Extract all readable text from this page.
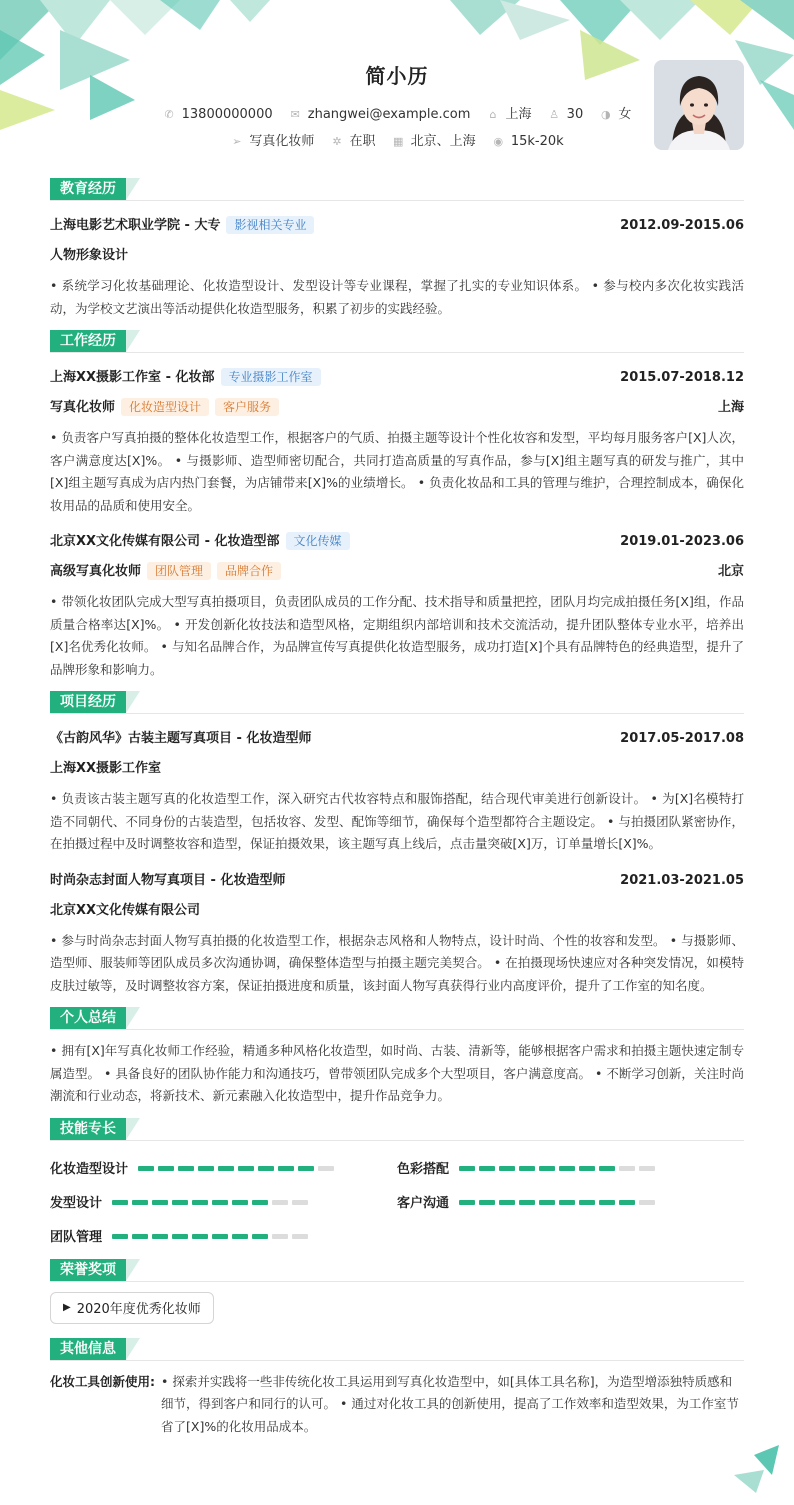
简小历
✆ 13800000000 ✉ zhangwei@example.com ⌂ 上海 ♙ 30 ◑ 女
➢ 写真化妆师 ✲ 在职 ▦ 北京、上海 ◉ 15k-20k
教育经历
上海电影艺术职业学院 - 大专 影视相关专业	2012.09-2015.06
人物形象设计
• 系统学习化妆基础理论、化妆造型设计、发型设计等专业课程，掌握了扎实的专业知识体系。 • 参与校内多次化妆实践活动，为学校文艺演出等活动提供化妆造型服务，积累了初步的实践经验。
工作经历
上海XX摄影工作室 - 化妆部 专业摄影工作室	2015.07-2018.12
写真化妆师 化妆造型设计 客户服务	上海
• 负责客户写真拍摄的整体化妆造型工作，根据客户的气质、拍摄主题等设计个性化妆容和发型，平均每月服务客户[X]人次，客户满意度达[X]%。 • 与摄影师、造型师密切配合，共同打造高质量的写真作品，参与[X]组主题写真的研发与推广，其中[X]组主题写真成为店内热门套餐，为店铺带来[X]%的业绩增长。 • 负责化妆品和工具的管理与维护，合理控制成本，确保化妆用品的品质和使用安全。
北京XX文化传媒有限公司 - 化妆造型部 文化传媒	2019.01-2023.06
高级写真化妆师 团队管理 品牌合作	北京
• 带领化妆团队完成大型写真拍摄项目，负责团队成员的工作分配、技术指导和质量把控，团队月均完成拍摄任务[X]组，作品质量合格率达[X]%。 • 开发创新化妆技法和造型风格，定期组织内部培训和技术交流活动，提升团队整体专业水平，培养出[X]名优秀化妆师。 • 与知名品牌合作，为品牌宣传写真提供化妆造型服务，成功打造[X]个具有品牌特色的经典造型，提升了品牌形象和影响力。
项目经历
《古韵风华》古装主题写真项目 - 化妆造型师	2017.05-2017.08
上海XX摄影工作室
• 负责该古装主题写真的化妆造型工作，深入研究古代妆容特点和服饰搭配，结合现代审美进行创新设计。 • 为[X]名模特打造不同朝代、不同身份的古装造型，包括妆容、发型、配饰等细节，确保每个造型都符合主题设定。 • 与拍摄团队紧密协作，在拍摄过程中及时调整妆容和造型，保证拍摄效果，该主题写真上线后，点击量突破[X]万，订单量增长[X]%。
时尚杂志封面人物写真项目 - 化妆造型师	2021.03-2021.05
北京XX文化传媒有限公司
• 参与时尚杂志封面人物写真拍摄的化妆造型工作，根据杂志风格和人物特点，设计时尚、个性的妆容和发型。 • 与摄影师、造型师、服装师等团队成员多次沟通协调，确保整体造型与拍摄主题完美契合。 • 在拍摄现场快速应对各种突发情况，如模特皮肤过敏等，及时调整妆容方案，保证拍摄进度和质量，该封面人物写真获得行业内高度评价，提升了工作室的知名度。
个人总结
• 拥有[X]年写真化妆师工作经验，精通多种风格化妆造型，如时尚、古装、清新等，能够根据客户需求和拍摄主题快速定制专属造型。 • 具备良好的团队协作能力和沟通技巧，曾带领团队完成多个大型项目，客户满意度高。 • 不断学习创新，关注时尚潮流和行业动态，将新技术、新元素融入化妆造型中，提升作品竞争力。
技能专长
化妆造型设计	色彩搭配
发型设计	客户沟通
团队管理
荣誉奖项
▶ 2020年度优秀化妆师
其他信息
化妆工具创新使用: • 探索并实践将一些非传统化妆工具运用到写真化妆造型中，如[具体工具名称]，为造型增添独特质感和细节，得到客户和同行的认可。 • 通过对化妆工具的创新使用，提高了工作效率和造型效果，为工作室节省了[X]%的化妆用品成本。
